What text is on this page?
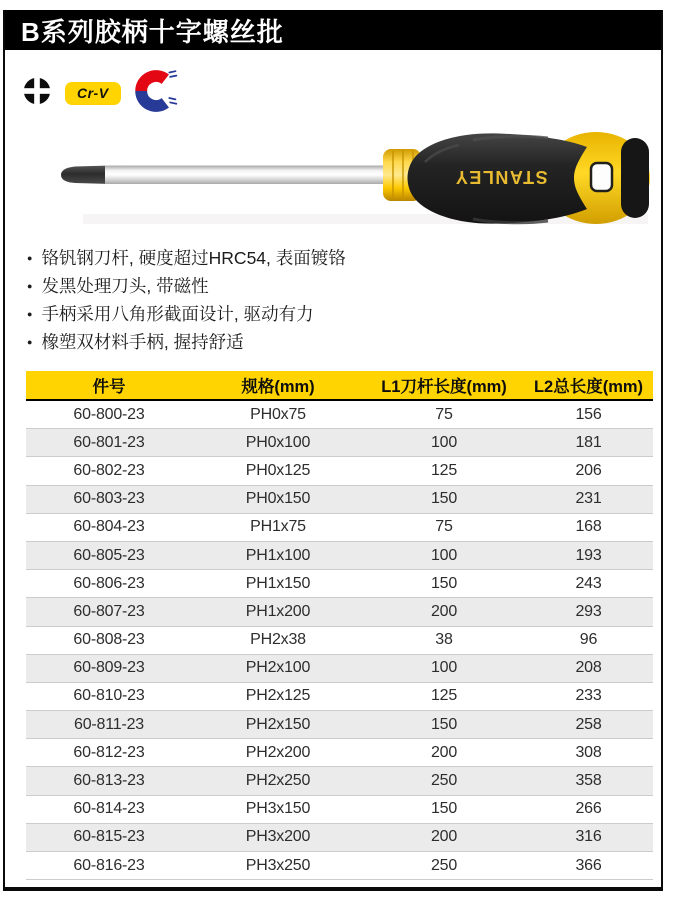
B系列胶柄十字螺丝批
Cr-V
STANLEY
● 铬钒钢刀杆, 硬度超过HRC54, 表面镀铬
● 发黑处理刀头, 带磁性
● 手柄采用八角形截面设计, 驱动有力
● 橡塑双材料手柄, 握持舒适
件号	规格(mm)	L1刀杆长度(mm)	L2总长度(mm)
60-800-23	PH0x75	75	156
60-801-23	PH0x100	100	181
60-802-23	PH0x125	125	206
60-803-23	PH0x150	150	231
60-804-23	PH1x75	75	168
60-805-23	PH1x100	100	193
60-806-23	PH1x150	150	243
60-807-23	PH1x200	200	293
60-808-23	PH2x38	38	96
60-809-23	PH2x100	100	208
60-810-23	PH2x125	125	233
60-811-23	PH2x150	150	258
60-812-23	PH2x200	200	308
60-813-23	PH2x250	250	358
60-814-23	PH3x150	150	266
60-815-23	PH3x200	200	316
60-816-23	PH3x250	250	366
